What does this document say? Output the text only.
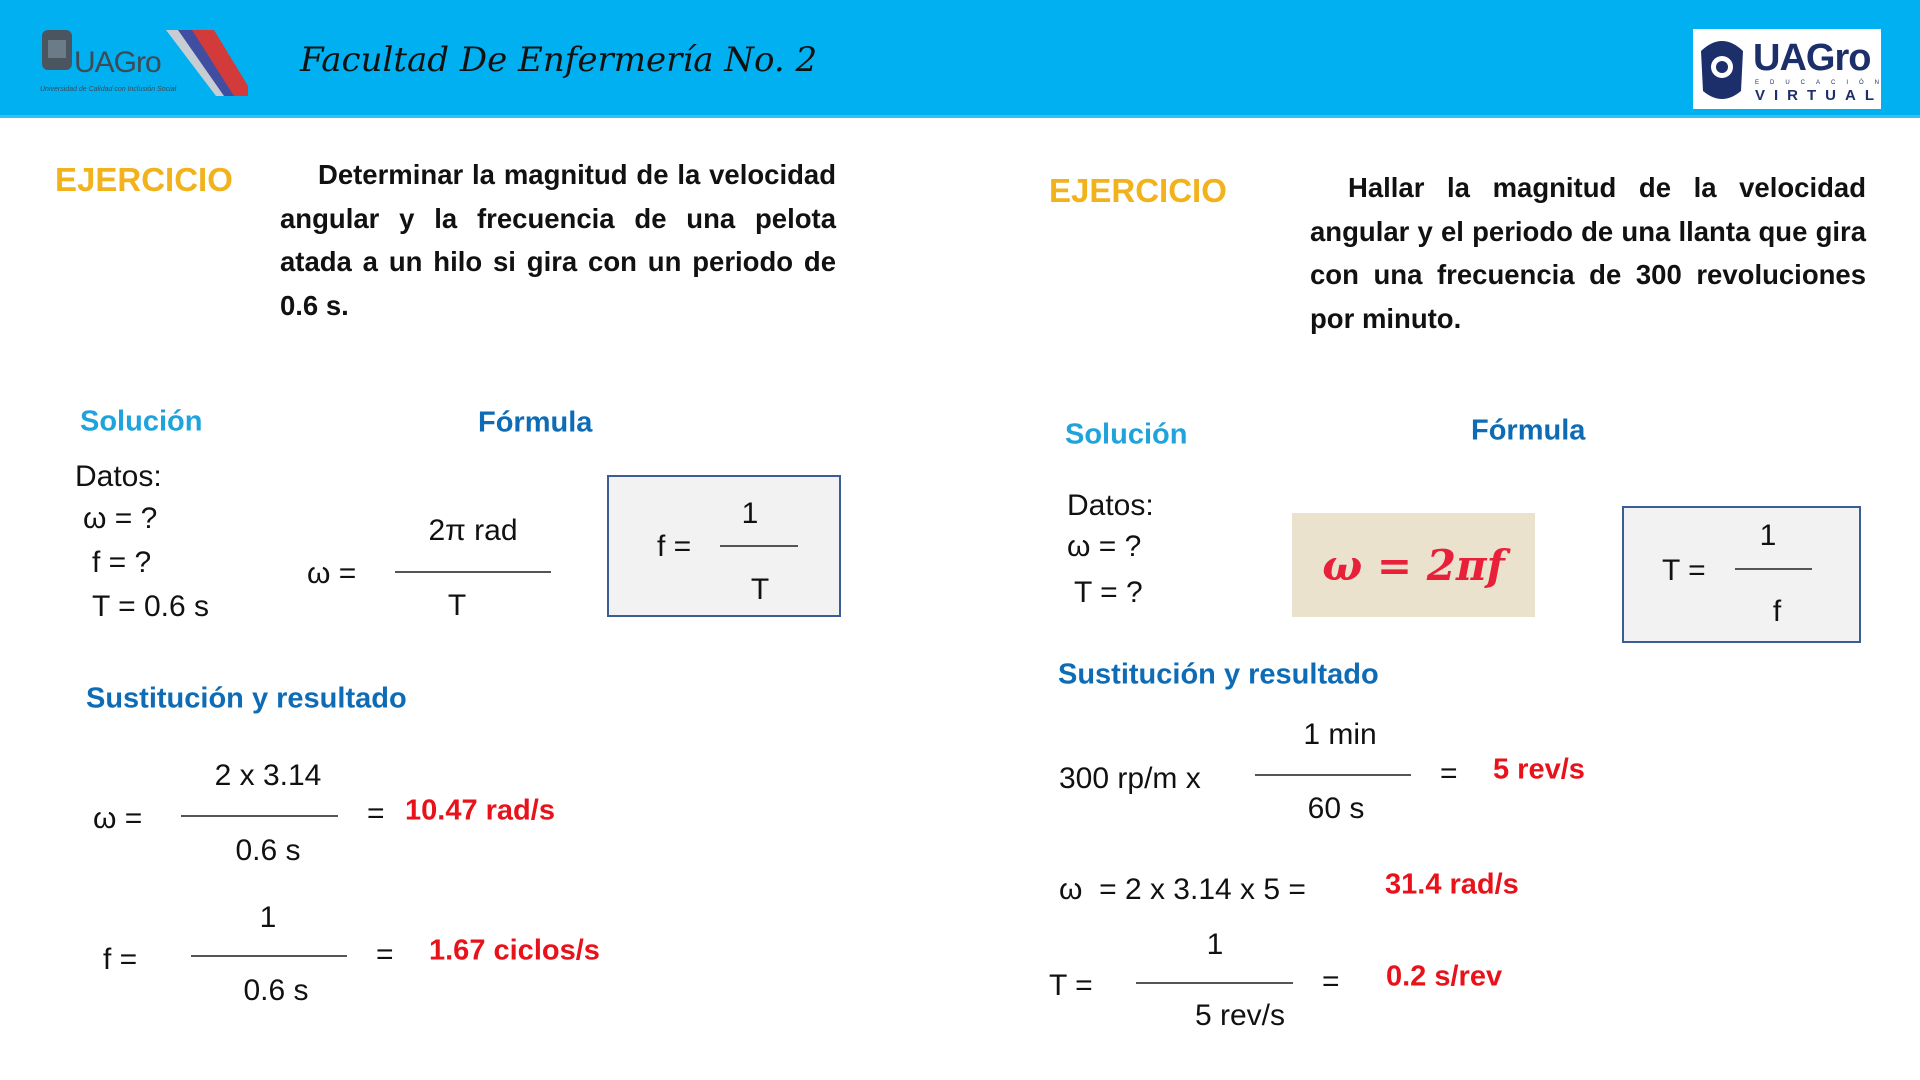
UAGro
Universidad de Calidad con Inclusión Social
Facultad De Enfermería No. 2	UAGro
EDUCACIÓN
VIRTUAL
EJERCICIO	Determinar la magnitud de la velocidad angular y la frecuencia de una pelota atada a un hilo si gira con un periodo de 0.6 s.
Solución	Fórmula
Datos:
ω = ?
f = ?
T = 0.6 s
ω =
2π rad
T
f =
1
T
Sustitución y resultado
ω =
2 x 3.14
0.6 s
= 10.47 rad/s
f =
1
0.6 s
= 1.67 ciclos/s
EJERCICIO	Hallar la magnitud de la velocidad angular y el periodo de una llanta que gira con una frecuencia de 300 revoluciones por minuto.
Solución	Fórmula
Datos:
ω = ?
T = ?
ω = 2πf	T =
1
f
Sustitución y resultado
300 rp/m x
1 min
60 s
= 5 rev/s
ω  = 2 x 3.14 x 5 =	31.4 rad/s
T =
1
5 rev/s
= 0.2 s/rev
